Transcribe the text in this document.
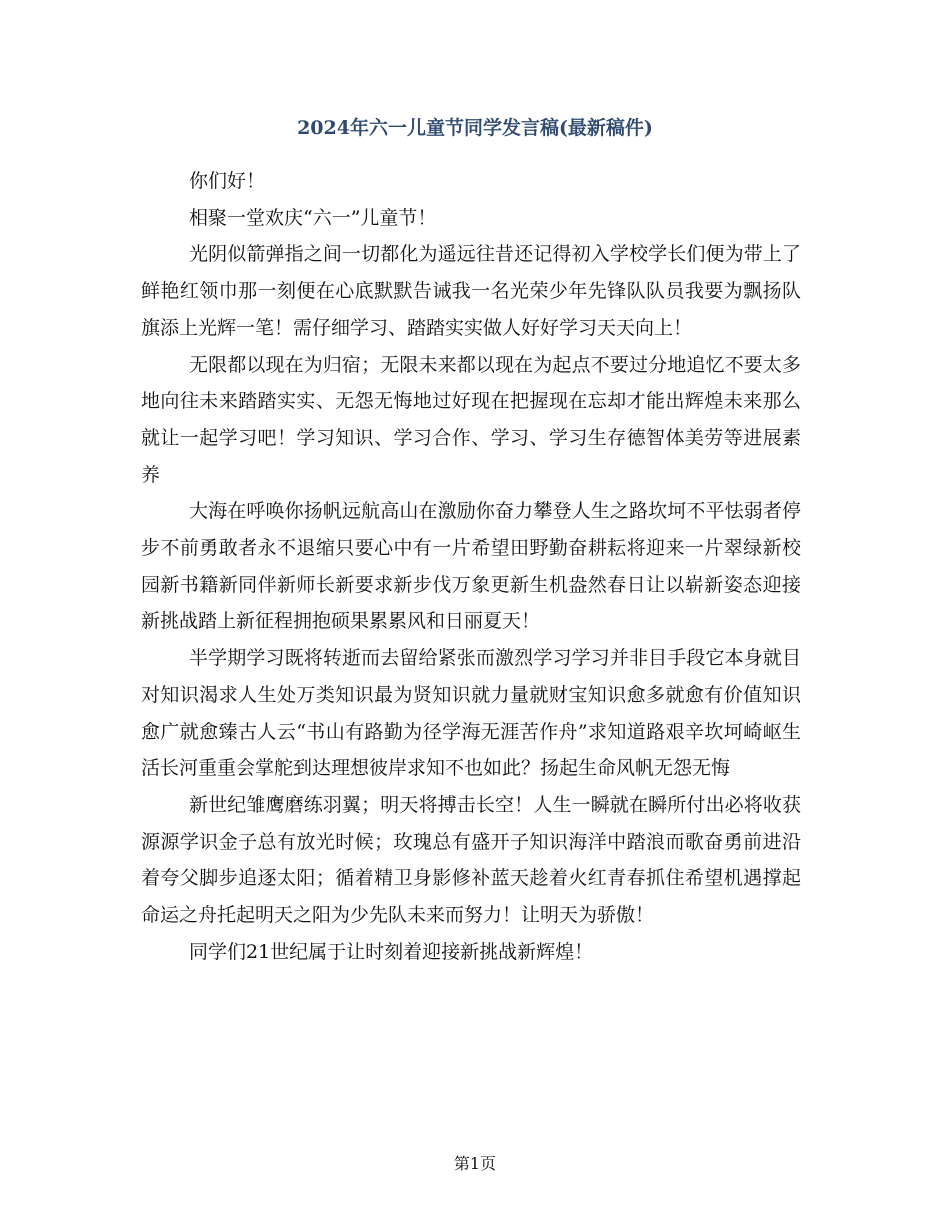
2024年六一儿童节同学发言稿(最新稿件)

你们好！

相聚一堂欢庆“六一”儿童节！

光阴似箭弹指之间一切都化为遥远往昔还记得初入学校学长们便为带上了鲜艳红领巾那一刻便在心底默默告诫我一名光荣少年先锋队队员我要为飘扬队旗添上光辉一笔！需仔细学习、踏踏实实做人好好学习天天向上！

无限都以现在为归宿；无限未来都以现在为起点不要过分地追忆不要太多地向往未来踏踏实实、无怨无悔地过好现在把握现在忘却才能出辉煌未来那么就让一起学习吧！学习知识、学习合作、学习、学习生存德智体美劳等进展素养

大海在呼唤你扬帆远航高山在激励你奋力攀登人生之路坎坷不平怯弱者停步不前勇敢者永不退缩只要心中有一片希望田野勤奋耕耘将迎来一片翠绿新校园新书籍新同伴新师长新要求新步伐万象更新生机盎然春日让以崭新姿态迎接新挑战踏上新征程拥抱硕果累累风和日丽夏天！

半学期学习既将转逝而去留给紧张而激烈学习学习并非目手段它本身就目对知识渴求人生处万类知识最为贤知识就力量就财宝知识愈多就愈有价值知识愈广就愈臻古人云“书山有路勤为径学海无涯苦作舟”求知道路艰辛坎坷崎岖生活长河重重会掌舵到达理想彼岸求知不也如此？扬起生命风帆无怨无悔

新世纪雏鹰磨练羽翼；明天将搏击长空！人生一瞬就在瞬所付出必将收获源源学识金子总有放光时候；玫瑰总有盛开子知识海洋中踏浪而歌奋勇前进沿着夸父脚步追逐太阳；循着精卫身影修补蓝天趁着火红青春抓住希望机遇撑起命运之舟托起明天之阳为少先队未来而努力！让明天为骄傲！

同学们21世纪属于让时刻着迎接新挑战新辉煌！

第1页
